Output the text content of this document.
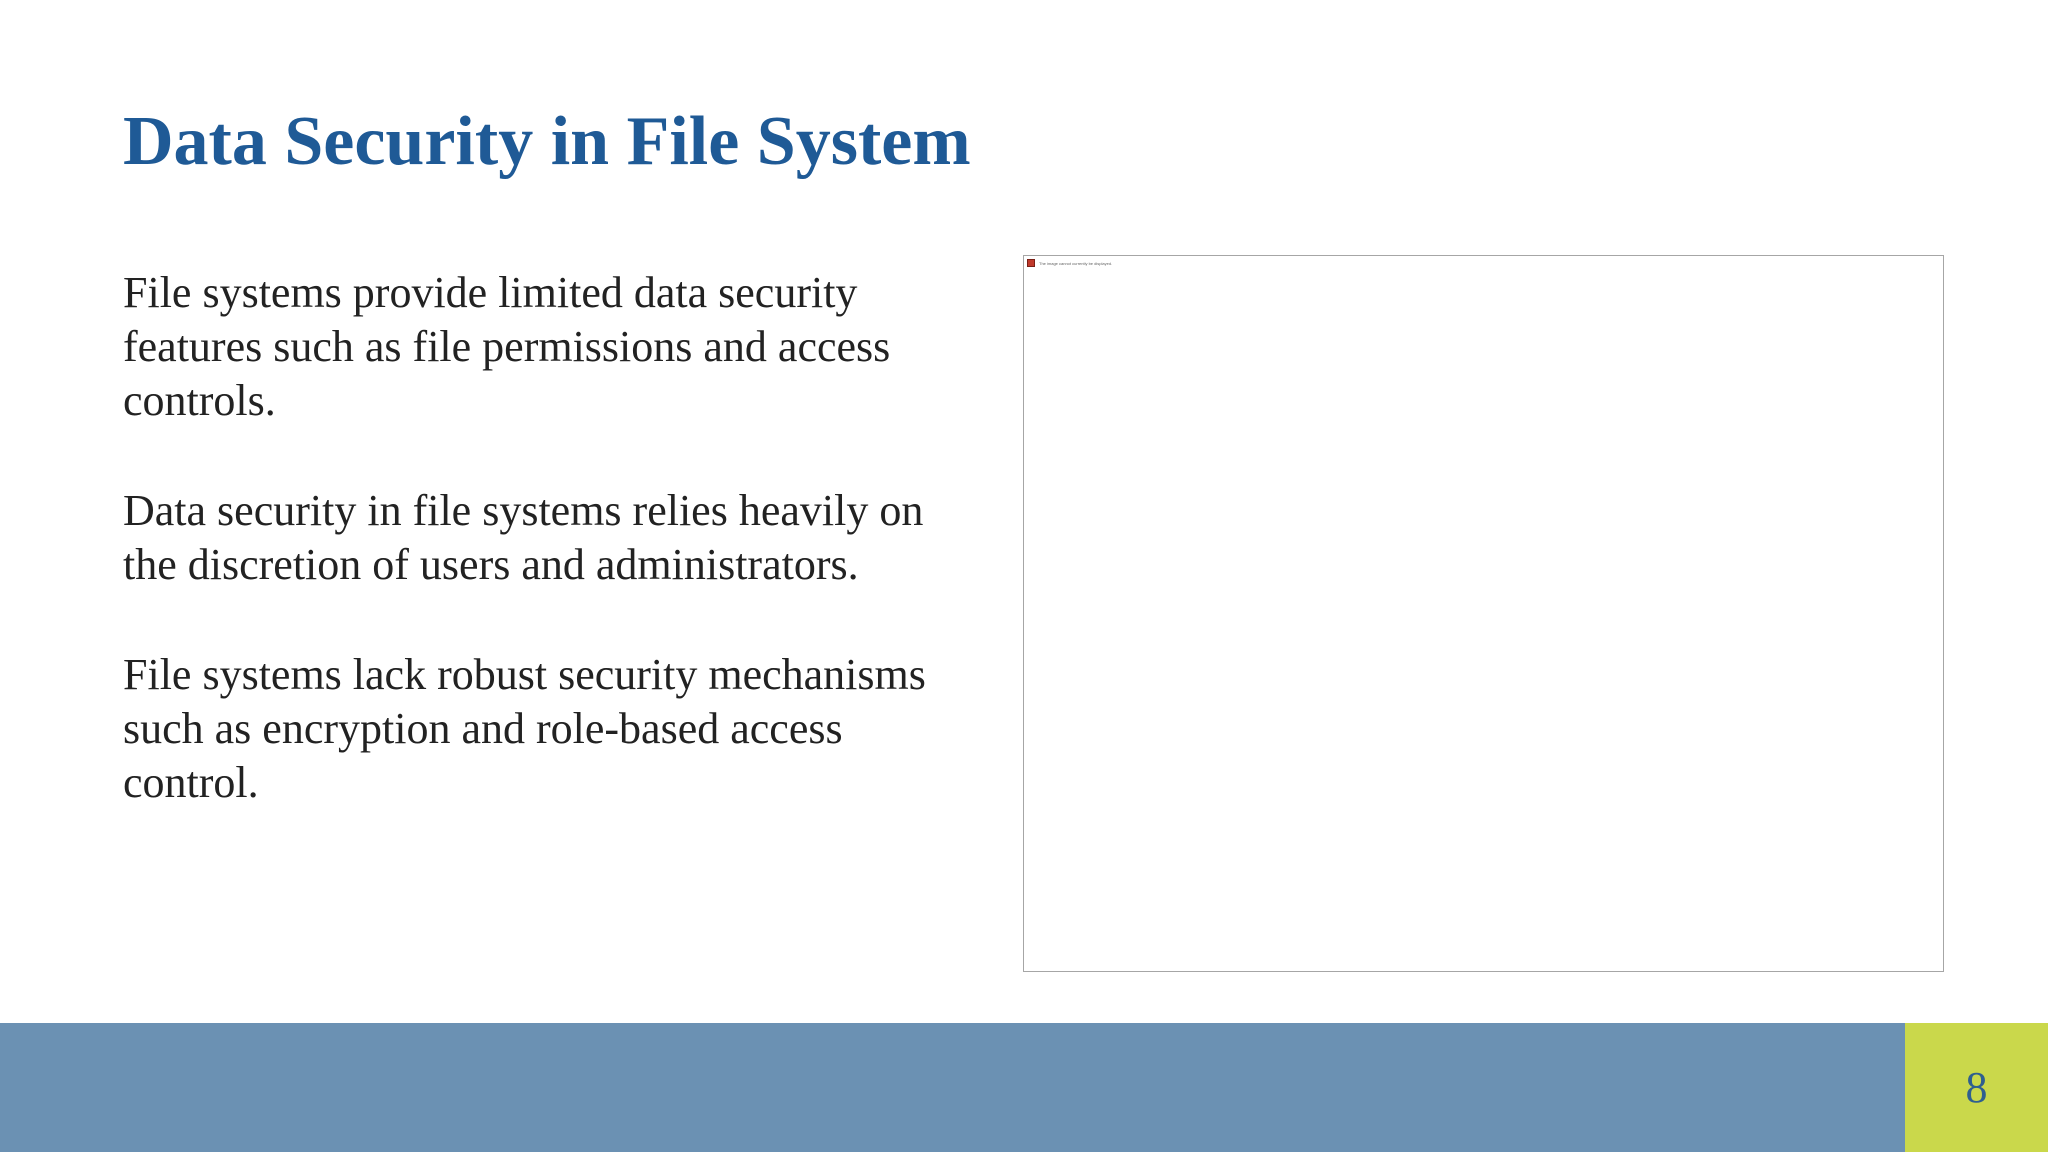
Data Security in File System

File systems provide limited data security features such as file permissions and access controls.

Data security in file systems relies heavily on the discretion of users and administrators.

File systems lack robust security mechanisms such as encryption and role-based access control.

The image cannot currently be displayed.
8
